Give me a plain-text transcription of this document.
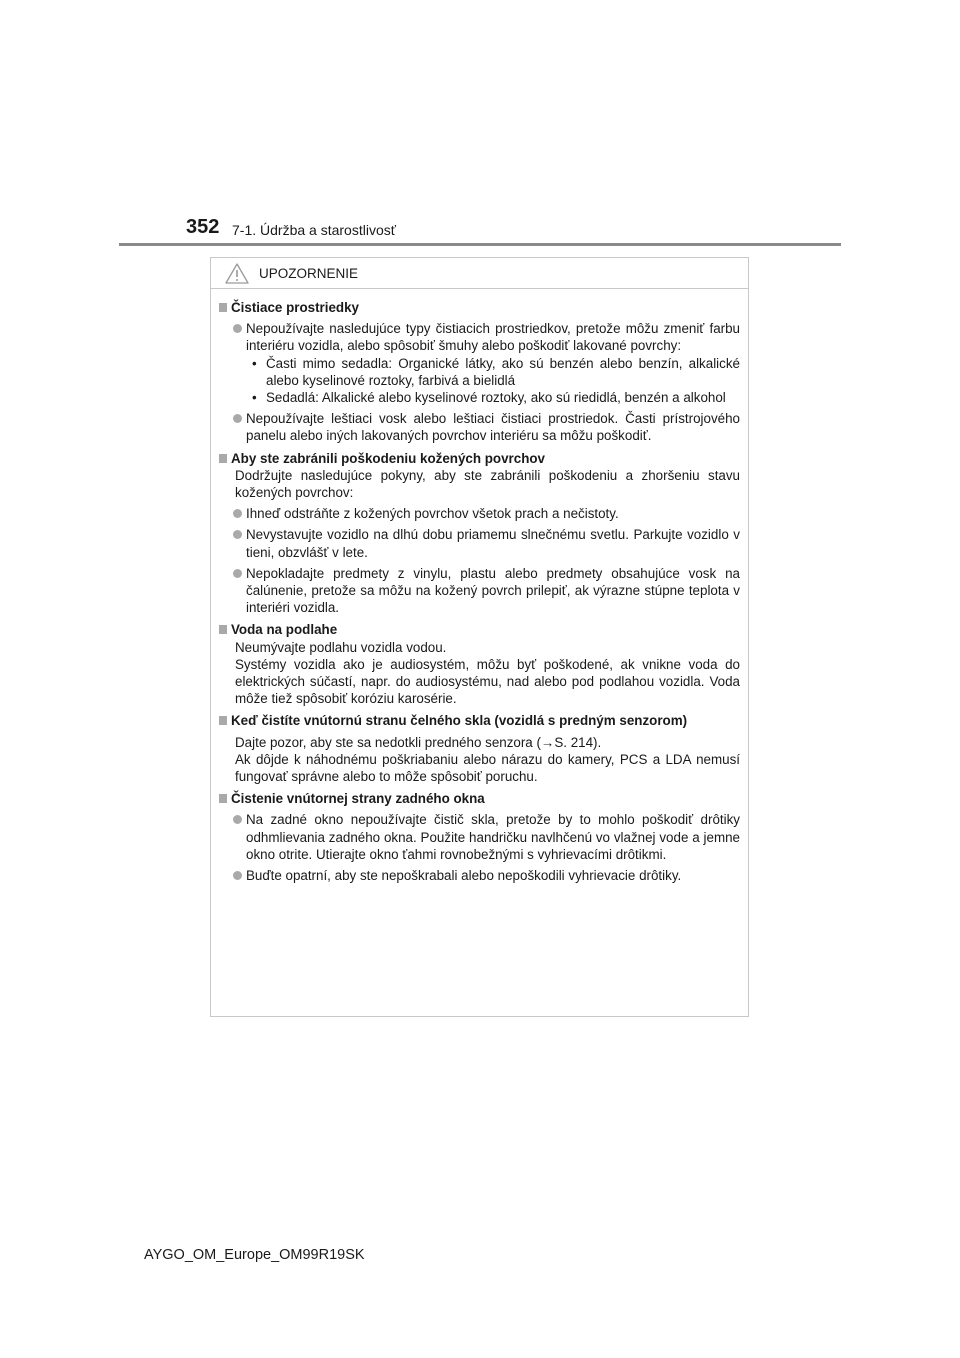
352 7-1. Údržba a starostlivosť
UPOZORNENIE
Čistiace prostriedky
Nepoužívajte nasledujúce typy čistiacich prostriedkov, pretože môžu zmeniť farbu interiéru vozidla, alebo spôsobiť šmuhy alebo poškodiť lakované povrchy:
• Časti mimo sedadla: Organické látky, ako sú benzén alebo benzín, alkalické alebo kyselinové roztoky, farbivá a bielidlá
• Sedadlá: Alkalické alebo kyselinové roztoky, ako sú riedidlá, benzén a alkohol
Nepoužívajte leštiaci vosk alebo leštiaci čistiaci prostriedok. Časti prístrojového panelu alebo iných lakovaných povrchov interiéru sa môžu poškodiť.
Aby ste zabránili poškodeniu kožených povrchov
Dodržujte nasledujúce pokyny, aby ste zabránili poškodeniu a zhoršeniu stavu kožených povrchov:
Ihneď odstráňte z kožených povrchov všetok prach a nečistoty.
Nevystavujte vozidlo na dlhú dobu priamemu slnečnému svetlu. Parkujte vozidlo v tieni, obzvlášť v lete.
Nepokladajte predmety z vinylu, plastu alebo predmety obsahujúce vosk na čalúnenie, pretože sa môžu na kožený povrch prilepiť, ak výrazne stúpne teplota v interiéri vozidla.
Voda na podlahe
Neumývajte podlahu vozidla vodou.
Systémy vozidla ako je audiosystém, môžu byť poškodené, ak vnikne voda do elektrických súčastí, napr. do audiosystému, nad alebo pod podlahou vozidla. Voda môže tiež spôsobiť koróziu karosérie.
Keď čistíte vnútornú stranu čelného skla (vozidlá s predným senzorom)
Dajte pozor, aby ste sa nedotkli predného senzora (→S. 214).
Ak dôjde k náhodnému poškriabaniu alebo nárazu do kamery, PCS a LDA nemusí fungovať správne alebo to môže spôsobiť poruchu.
Čistenie vnútornej strany zadného okna
Na zadné okno nepoužívajte čistič skla, pretože by to mohlo poškodiť drôtiky odhmlievania zadného okna. Použite handričku navlhčenú vo vlažnej vode a jemne okno otrite. Utierajte okno ťahmi rovnobežnými s vyhrievacími drôtikmi.
Buďte opatrní, aby ste nepoškrabali alebo nepoškodili vyhrievacie drôtiky.
AYGO_OM_Europe_OM99R19SK
